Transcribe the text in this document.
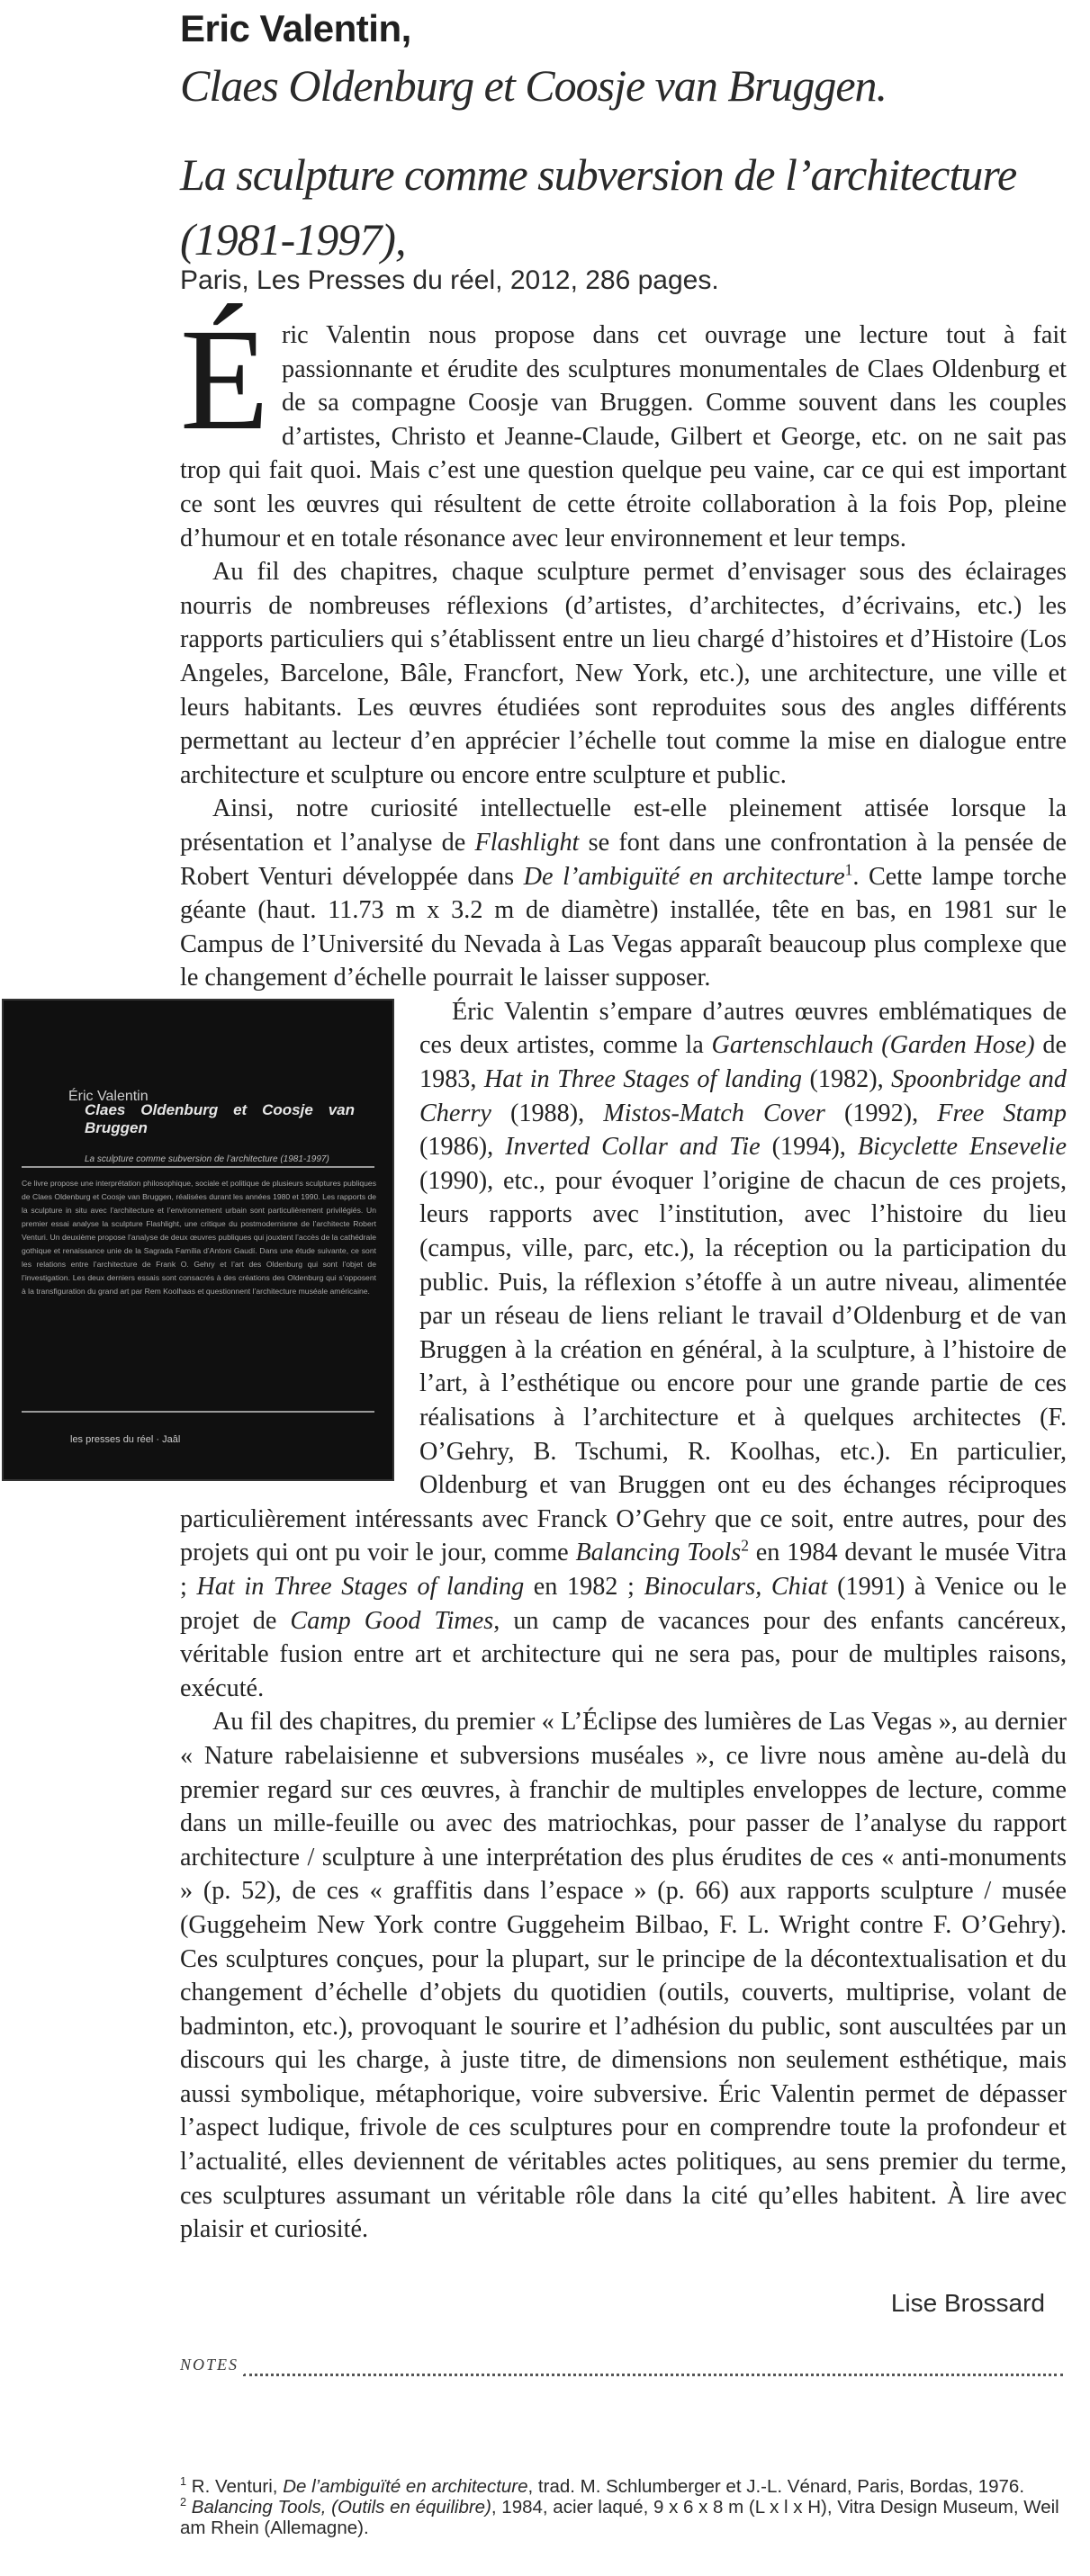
Eric Valentin,
Claes Oldenburg et Coosje van Bruggen.
La sculpture comme subversion de l’architecture
(1981-1997),
Paris, Les Presses du réel, 2012, 286 pages.

Éric Valentin nous propose dans cet ouvrage une lecture tout à fait passionnante et érudite des sculptures monumentales de Claes Oldenburg et de sa compagne Coosje van Bruggen. Comme souvent dans les couples d’artistes, Christo et Jeanne-Claude, Gilbert et George, etc. on ne sait pas trop qui fait quoi. Mais c’est une question quelque peu vaine, car ce qui est important ce sont les œuvres qui résultent de cette étroite collaboration à la fois Pop, pleine d’humour et en totale résonance avec leur environnement et leur temps.

Au fil des chapitres, chaque sculpture permet d’envisager sous des éclairages nourris de nombreuses réflexions (d’artistes, d’architectes, d’écrivains, etc.) les rapports particuliers qui s’établissent entre un lieu chargé d’histoires et d’Histoire (Los Angeles, Barcelone, Bâle, Francfort, New York, etc.), une architecture, une ville et leurs habitants. Les œuvres étudiées sont reproduites sous des angles différents permettant au lecteur d’en apprécier l’échelle tout comme la mise en dialogue entre architecture et sculpture ou encore entre sculpture et public.

Ainsi, notre curiosité intellectuelle est-elle pleinement attisée lorsque la présentation et l’analyse de Flashlight se font dans une confrontation à la pensée de Robert Venturi développée dans De l’ambiguïté en architecture$^1$. Cette lampe torche géante (haut. 11.73 m x 3.2 m de diamètre) installée, tête en bas, en 1981 sur le Campus de l’Université du Nevada à Las Vegas apparaît beaucoup plus complexe que le changement d’échelle pourrait le laisser supposer.

Éric Valentin
Claes Oldenburg et Coosje van Bruggen
La sculpture comme subversion de l’architecture (1981-1997)
Ce livre propose une interprétation philosophique, sociale et politique de plusieurs sculptures publiques de Claes Oldenburg et Coosje van Bruggen, réalisées durant les années 1980 et 1990. Les rapports de la sculpture in situ avec l’architecture et l’environnement urbain sont particulièrement privilégiés. Un premier essai analyse la sculpture Flashlight, une critique du postmodernisme de l’architecte Robert Venturi. Un deuxième propose l’analyse de deux œuvres publiques qui jouxtent l’accès de la cathédrale gothique et renaissance unie de la Sagrada Família d’Antoni Gaudí. Dans une étude suivante, ce sont les relations entre l’architecture de Frank O. Gehry et l’art des Oldenburg qui sont l’objet de l’investigation. Les deux derniers essais sont consacrés à des créations des Oldenburg qui s’opposent à la transfiguration du grand art par Rem Koolhaas et questionnent l’architecture muséale américaine.
les presses du réel · Jaâl

Éric Valentin s’empare d’autres œuvres emblématiques de ces deux artistes, comme la Gartenschlauch (Garden Hose) de 1983, Hat in Three Stages of landing (1982), Spoonbridge and Cherry (1988), Mistos-Match Cover (1992), Free Stamp (1986), Inverted Collar and Tie (1994), Bicyclette Ensevelie (1990), etc., pour évoquer l’origine de chacun de ces projets, leurs rapports avec l’institution, avec l’histoire du lieu (campus, ville, parc, etc.), la réception ou la participation du public. Puis, la réflexion s’étoffe à un autre niveau, alimentée par un réseau de liens reliant le travail d’Oldenburg et de van Bruggen à la création en général, à la sculpture, à l’histoire de l’art, à l’esthétique ou encore pour une grande partie de ces réalisations à l’architecture et à quelques architectes (F. O’Gehry, B. Tschumi, R. Koolhas, etc.). En particulier, Oldenburg et van Bruggen ont eu des échanges réciproques particulièrement intéressants avec Franck O’Gehry que ce soit, entre autres, pour des projets qui ont pu voir le jour, comme Balancing Tools$^2$ en 1984 devant le musée Vitra ; Hat in Three Stages of landing en 1982 ; Binoculars, Chiat (1991) à Venice ou le projet de Camp Good Times, un camp de vacances pour des enfants cancéreux, véritable fusion entre art et architecture qui ne sera pas, pour de multiples raisons, exécuté.

Au fil des chapitres, du premier « L’Éclipse des lumières de Las Vegas », au dernier « Nature rabelaisienne et subversions muséales », ce livre nous amène au-delà du premier regard sur ces œuvres, à franchir de multiples enveloppes de lecture, comme dans un mille-feuille ou avec des matriochkas, pour passer de l’analyse du rapport architecture / sculpture à une interprétation des plus érudites de ces « anti-monuments » (p. 52), de ces « graffitis dans l’espace » (p. 66) aux rapports sculpture / musée (Guggeheim New York contre Guggeheim Bilbao, F. L. Wright contre F. O’Gehry). Ces sculptures conçues, pour la plupart, sur le principe de la décontextualisation et du changement d’échelle d’objets du quotidien (outils, couverts, multiprise, volant de badminton, etc.), provoquant le sourire et l’adhésion du public, sont auscultées par un discours qui les charge, à juste titre, de dimensions non seulement esthétique, mais aussi symbolique, métaphorique, voire subversive. Éric Valentin permet de dépasser l’aspect ludique, frivole de ces sculptures pour en comprendre toute la profondeur et l’actualité, elles deviennent de véritables actes politiques, au sens premier du terme, ces sculptures assumant un véritable rôle dans la cité qu’elles habitent. À lire avec plaisir et curiosité.

Lise Brossard
NOTES

$^1$ R. Venturi, De l’ambiguïté en architecture, trad. M. Schlumberger et J.-L. Vénard, Paris, Bordas, 1976.

$^2$ Balancing Tools, (Outils en équilibre), 1984, acier laqué, 9 x 6 x 8 m (L x l x H), Vitra Design Museum, Weil am Rhein (Allemagne).
